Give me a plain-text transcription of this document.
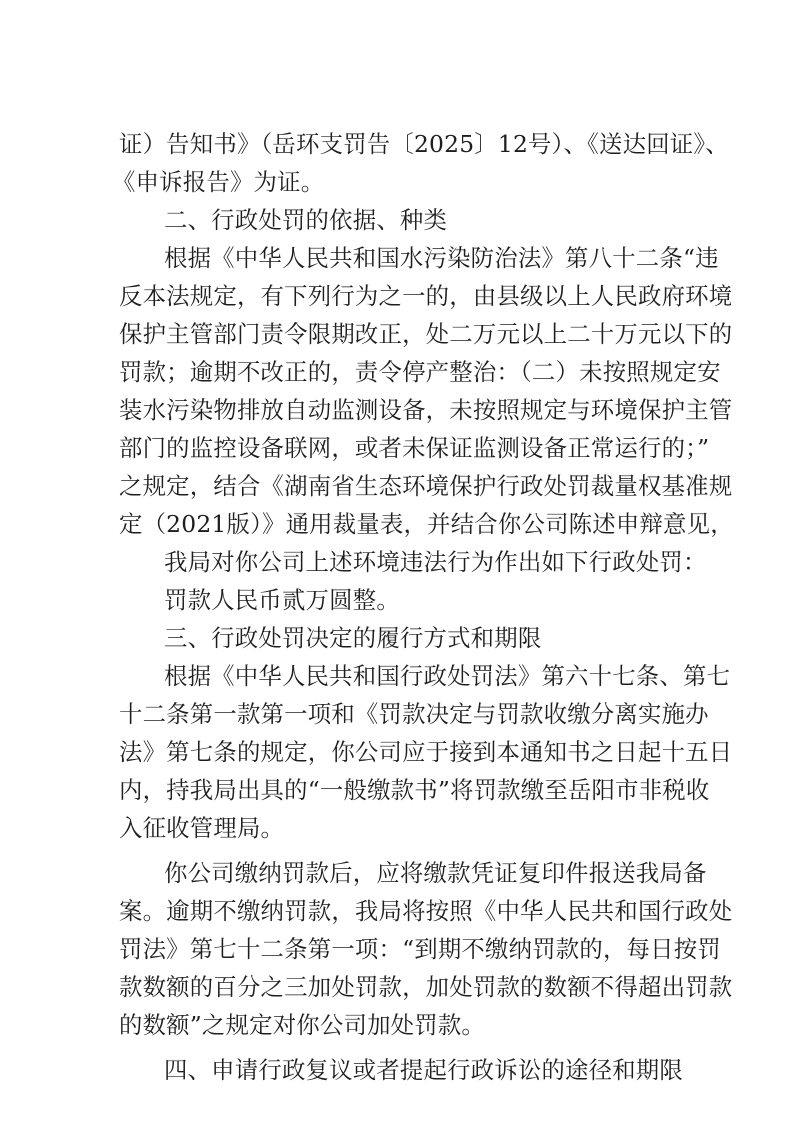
证）告知书》（岳环支罚告〔2025〕12号）、《送达回证》、
《申诉报告》为证。
二、行政处罚的依据、种类
根据《中华人民共和国水污染防治法》第八十二条“违
反本法规定，有下列行为之一的，由县级以上人民政府环境
保护主管部门责令限期改正，处二万元以上二十万元以下的
罚款；逾期不改正的，责令停产整治：（二）未按照规定安
装水污染物排放自动监测设备，未按照规定与环境保护主管
部门的监控设备联网，或者未保证监测设备正常运行的；”
之规定，结合《湖南省生态环境保护行政处罚裁量权基准规
定（2021版）》通用裁量表，并结合你公司陈述申辩意见，
我局对你公司上述环境违法行为作出如下行政处罚：
罚款人民币贰万圆整。
三、行政处罚决定的履行方式和期限
根据《中华人民共和国行政处罚法》第六十七条、第七
十二条第一款第一项和《罚款决定与罚款收缴分离实施办
法》第七条的规定，你公司应于接到本通知书之日起十五日
内，持我局出具的“一般缴款书”将罚款缴至岳阳市非税收
入征收管理局。
你公司缴纳罚款后，应将缴款凭证复印件报送我局备
案。逾期不缴纳罚款，我局将按照《中华人民共和国行政处
罚法》第七十二条第一项：“到期不缴纳罚款的，每日按罚
款数额的百分之三加处罚款，加处罚款的数额不得超出罚款
的数额”之规定对你公司加处罚款。
四、申请行政复议或者提起行政诉讼的途径和期限
